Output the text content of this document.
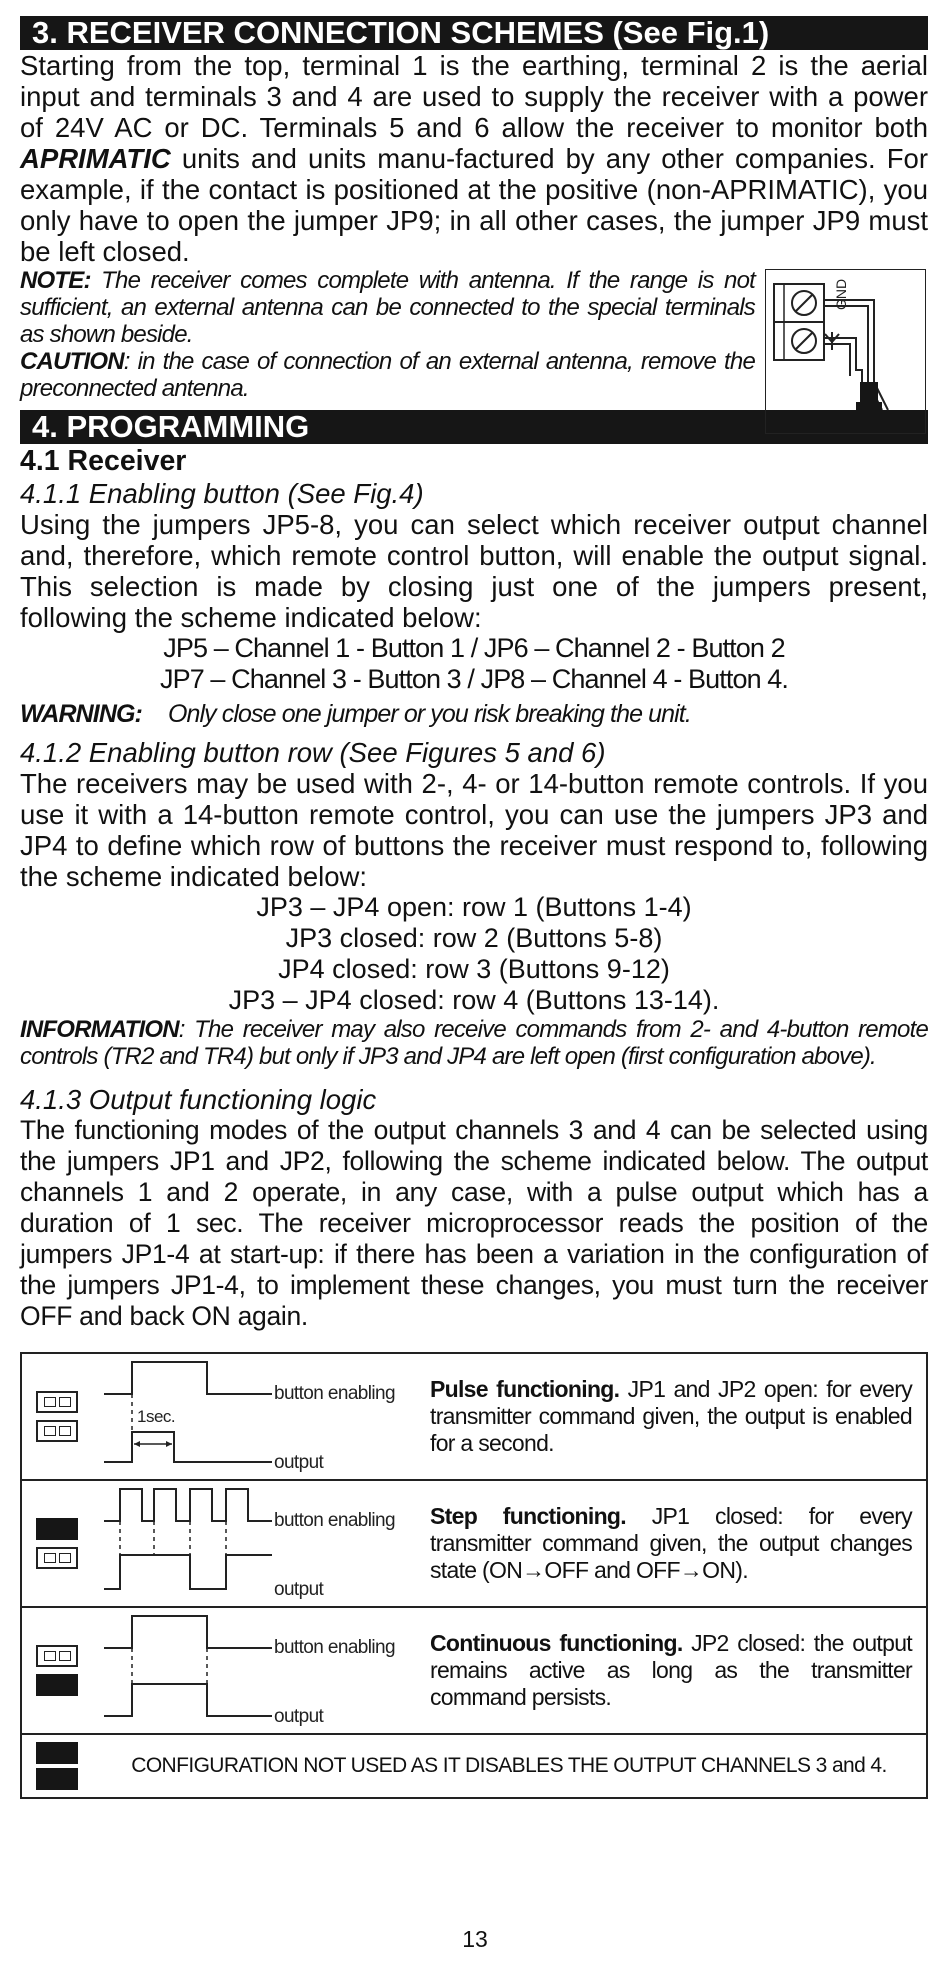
3. RECEIVER CONNECTION SCHEMES (See Fig.1)

Starting from the top, terminal 1 is the earthing, terminal 2 is the aerial input and terminals 3 and 4 are used to supply the receiver with a power of 24V AC or DC. Terminals 5 and 6 allow the receiver to monitor both APRIMATIC units and units manu-factured by any other companies. For example, if the contact is positioned at the positive (non-APRIMATIC), you only have to open the jumper JP9; in all other cases, the jumper JP9 must be left closed.

NOTE: The receiver comes complete with antenna. If the range is not sufficient, an external antenna can be connected to the special terminals as shown beside.
CAUTION: in the case of connection of an external antenna, remove the preconnected antenna.

GND
4. PROGRAMMING
4.1 Receiver
4.1.1 Enabling button (See Fig.4)

Using the jumpers JP5-8, you can select which receiver output channel and, therefore, which remote control button, will enable the output signal. This selection is made by closing just one of the jumpers present, following the scheme indicated below:

JP5 – Channel 1 - Button 1 / JP6 – Channel 2 - Button 2

JP7 – Channel 3 - Button 3 / JP8 – Channel 4 - Button 4.

WARNING: Only close one jumper or you risk breaking the unit.

4.1.2 Enabling button row (See Figures 5 and 6)

The receivers may be used with 2-, 4- or 14-button remote controls. If you use it with a 14-button remote control, you can use the jumpers JP3 and JP4 to define which row of buttons the receiver must respond to, following the scheme indicated below:

JP3 – JP4 open: row 1 (Buttons 1-4)

JP3 closed: row 2 (Buttons 5-8)

JP4 closed: row 3 (Buttons 9-12)

JP3 – JP4 closed: row 4 (Buttons 13-14).

INFORMATION: The receiver may also receive commands from 2- and 4-button remote controls (TR2 and TR4) but only if JP3 and JP4 are left open (first configuration above).

4.1.3 Output functioning logic

The functioning modes of the output channels 3 and 4 can be selected using the jumpers JP1 and JP2, following the scheme indicated below. The output channels 1 and 2 operate, in any case, with a pulse output which has a duration of 1 sec. The receiver microprocessor reads the position of the jumpers JP1-4 at start-up: if there has been a variation in the configuration of the jumpers JP1-4, to implement these changes, you must turn the receiver OFF and back ON again.

1sec.
button enabling
output	Pulse functioning. JP1 and JP2 open: for every transmitter command given, the output is enabled for a second.

button enabling
output	Step functioning. JP1 closed: for every transmitter command given, the output changes state (ON→OFF and OFF→ON).

button enabling
output	Continuous functioning. JP2 closed: the output remains active as long as the transmitter command persists.

	CONFIGURATION NOT USED AS IT DISABLES THE OUTPUT CHANNELS 3 and 4.	
13
